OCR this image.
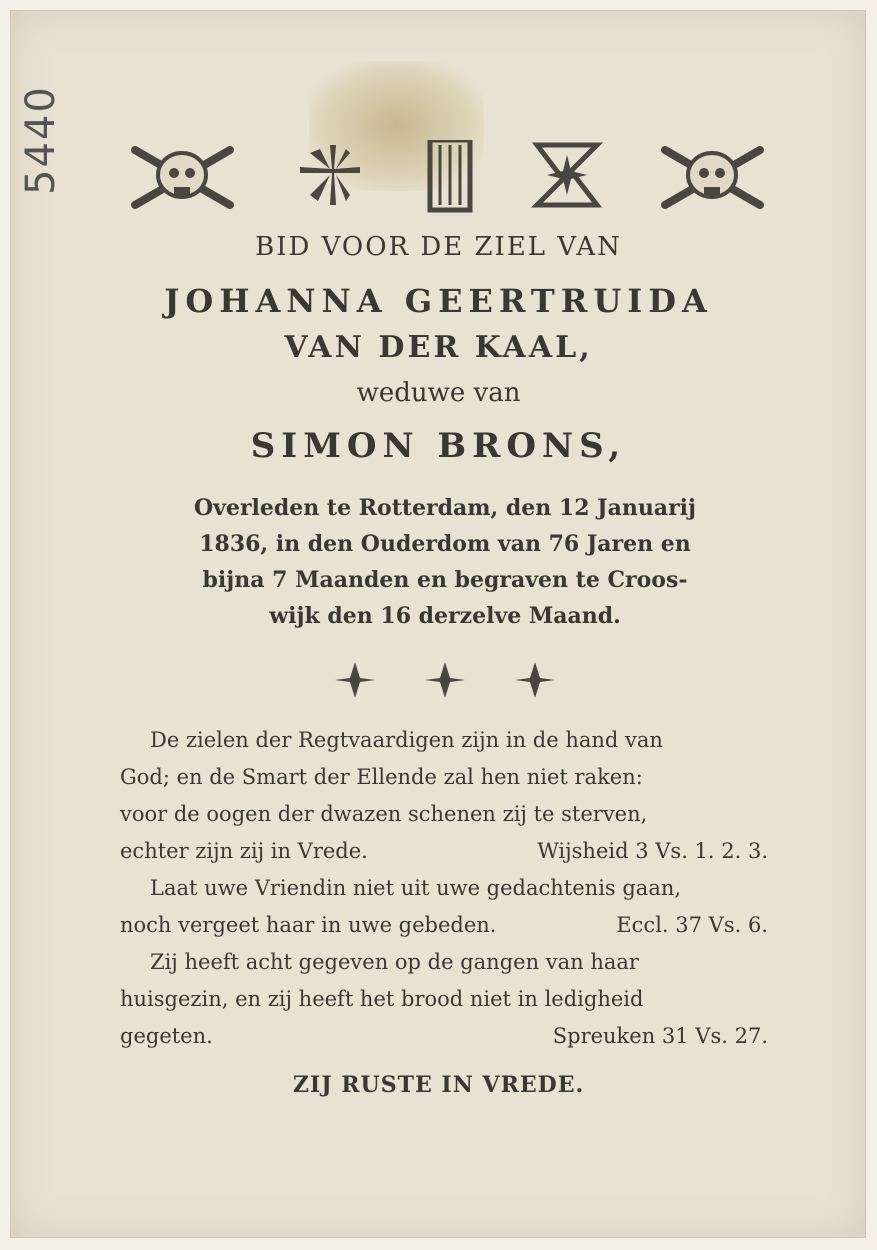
5440
BID VOOR DE ZIEL VAN
JOHANNA GEERTRUIDA
VAN DER KAAL,
weduwe van
SIMON BRONS,
Overleden te Rotterdam, den 12 Januarij
1836, in den Ouderdom van 76 Jaren en
bijna 7 Maanden en begraven te Croos-
wijk den 16 derzelve Maand.
De zielen der Regtvaardigen zijn in de hand van
God; en de Smart der Ellende zal hen niet raken:
voor de oogen der dwazen schenen zij te sterven,
echter zijn zij in Vrede.	Wijsheid 3 Vs. 1. 2. 3.
Laat uwe Vriendin niet uit uwe gedachtenis gaan,
noch vergeet haar in uwe gebeden.	Eccl. 37 Vs. 6.
Zij heeft acht gegeven op de gangen van haar
huisgezin, en zij heeft het brood niet in ledigheid
gegeten.	Spreuken 31 Vs. 27.
ZIJ RUSTE IN VREDE.
